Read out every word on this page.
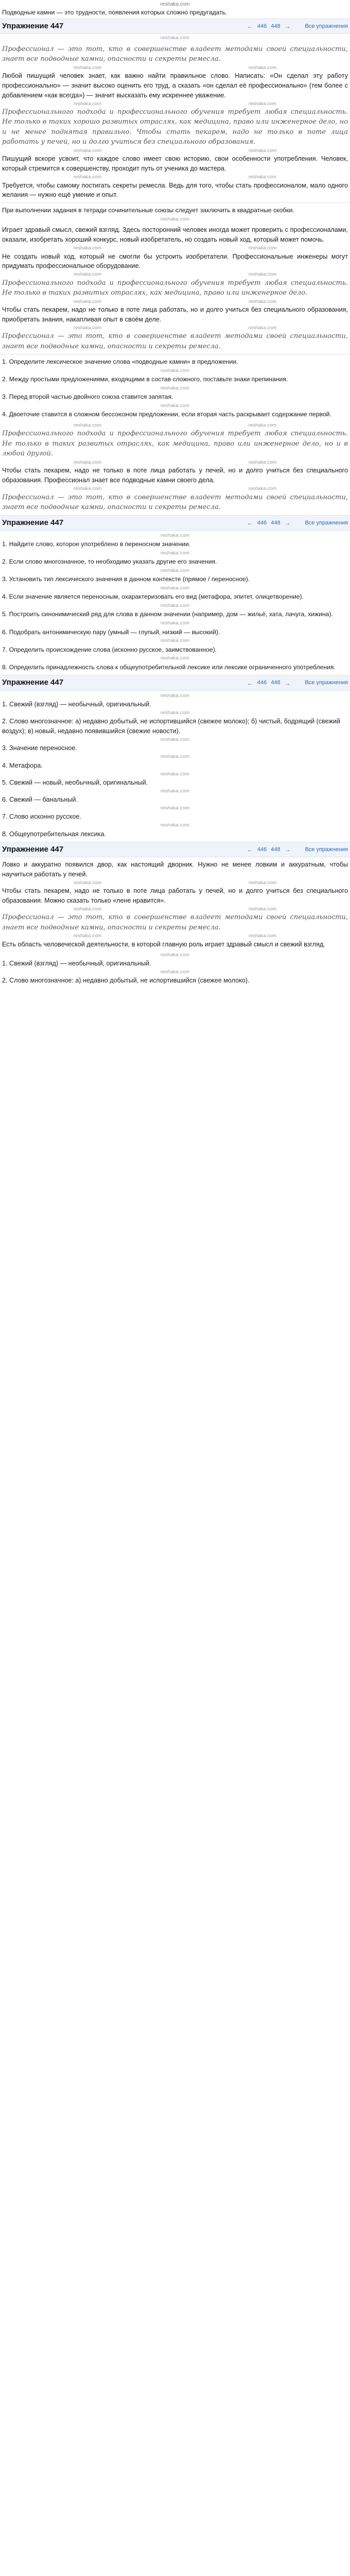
reshaka.com
Подводные камни — это трудности, появления которых сложно предугадать.
Упражнение 447	← 446 448 →	Все упражнения
reshaka.com

Профессионал — это тот, кто в совершенстве владеет методами своей специальности, знает все подводные камни, опасности и секреты ремесла.

reshaka.com	reshaka.com

Любой пишущий человек знает, как важно найти правильное слово. Написать: «Он сделал эту работу профессионально» — значит высоко оценить его труд, а сказать «он сделал её профессионально» (тем более с добавлением «как всегда») — значит высказать ему искреннее уважение.

reshaka.com	reshaka.com

Профессионального подхода и профессионального обучения требует любая специальность. Не только в таких хорошо развитых отраслях, как медицина, право или инженерное дело, но и не менее поднятая правильно. Чтобы стать пекарем, надо не только в поте лица работать у печей, но и долго учиться без специального образования.

reshaka.com	reshaka.com

Пишущий вскоре усвоит, что каждое слово имеет свою историю, свои особенности употребления. Человек, который стремится к совершенству, проходит путь от ученика до мастера.

reshaka.com	reshaka.com

Требуется, чтобы самому постигать секреты ремесла. Ведь для того, чтобы стать профессионалом, мало одного желания — нужно ещё умение и опыт.

При выполнении задания в тетради сочинительные союзы следует заключить в квадратные скобки.

reshaka.com

Играет здравый смысл, свежий взгляд. Здесь посторонний человек иногда может проверить с профессионалами, оказали, изобретать хороший конкурс, новый изобретатель, но создать новый ход, который может помочь.

reshaka.com	reshaka.com

Не создать новый ход, который не смогли бы устроить изобретатели. Профессиональные инженеры могут придумать профессиональное оборудование.

reshaka.com	reshaka.com

Профессионального подхода и профессионального обучения требует любая специальность. Не только в таких развитых отраслях, как медицина, право или инженерное дело.

reshaka.com	reshaka.com

Чтобы стать пекарем, надо не только в поте лица работать, но и долго учиться без специального образования, приобретать знания, накапливая опыт в своём деле.

reshaka.com	reshaka.com

Профессионал — это тот, кто в совершенстве владеет методами своей специальности, знает все подводные камни, опасности и секреты ремесла.

1. Определите лексическое значение слова «подводные камни» в предложении.

reshaka.com

2. Между простыми предложениями, входящими в состав сложного, поставьте знаки препинания.

reshaka.com

3. Перед второй частью двойного союза ставится запятая.

reshaka.com

4. Двоеточие ставится в сложном бессоюзном предложении, если вторая часть раскрывает содержание первой.

reshaka.com	reshaka.com

Профессионального подхода и профессионального обучения требует любая специальность. Не только в таких развитых отраслях, как медицина, право или инженерное дело, но и в любой другой.

reshaka.com	reshaka.com

Чтобы стать пекарем, надо не только в поте лица работать у печей, но и долго учиться без специального образования. Профессионал знает все подводные камни своего дела.

reshaka.com	reshaka.com

Профессионал — это тот, кто в совершенстве владеет методами своей специальности, знает все подводные камни, опасности и секреты ремесла.

Упражнение 447	← 446 448 →	Все упражнения
reshaka.com

1. Найдите слово, которое употреблено в переносном значении.

reshaka.com

2. Если слово многозначное, то необходимо указать другие его значения.

reshaka.com

3. Установить тип лексического значения в данном контексте (прямое / переносное).

reshaka.com

4. Если значение является переносным, охарактеризовать его вид (метафора, эпитет, олицетворение).

reshaka.com

5. Построить синонимический ряд для слова в данном значении (например, дом — жильё, хата, лачуга, хижина).

reshaka.com

6. Подобрать антонимическую пару (умный — глупый, низкий — высокий).

reshaka.com

7. Определить происхождение слова (исконно русское, заимствованное).

reshaka.com

8. Определить принадлежность слова к общеупотребительной лексике или лексике ограниченного употребления.

Упражнение 447	← 446 448 →	Все упражнения
reshaka.com

1. Свежий (взгляд) — необычный, оригинальный.

reshaka.com

2. Слово многозначное: а) недавно добытый, не испортившийся (свежее молоко); б) чистый, бодрящий (свежий воздух); в) новый, недавно появившийся (свежие новости).

reshaka.com

3. Значение переносное.

reshaka.com

4. Метафора.

reshaka.com

5. Свежий — новый, необычный, оригинальный.

reshaka.com

6. Свежий — банальный.

reshaka.com

7. Слово исконно русское.

reshaka.com

8. Общеупотребительная лексика.

Упражнение 447	← 446 448 →	Все упражнения

Ловко и аккуратно появился двор, как настоящий дворник. Нужно не менее ловким и аккуратным, чтобы научиться работать у печей.

reshaka.com	reshaka.com

Чтобы стать пекарем, надо не только в поте лица работать у печей, но и долго учиться без специального образования. Можно сказать только «лене нравится».

reshaka.com	reshaka.com

Профессионал — это тот, кто в совершенстве владеет методами своей специальности, знает все подводные камни, опасности и секреты ремесла.

reshaka.com	reshaka.com

Есть область человеческой деятельности, в которой главную роль играет здравый смысл и свежий взгляд.

reshaka.com

1. Свежий (взгляд) — необычный, оригинальный.

reshaka.com

2. Слово многозначное: а) недавно добытый, не испортившийся (свежее молоко).
